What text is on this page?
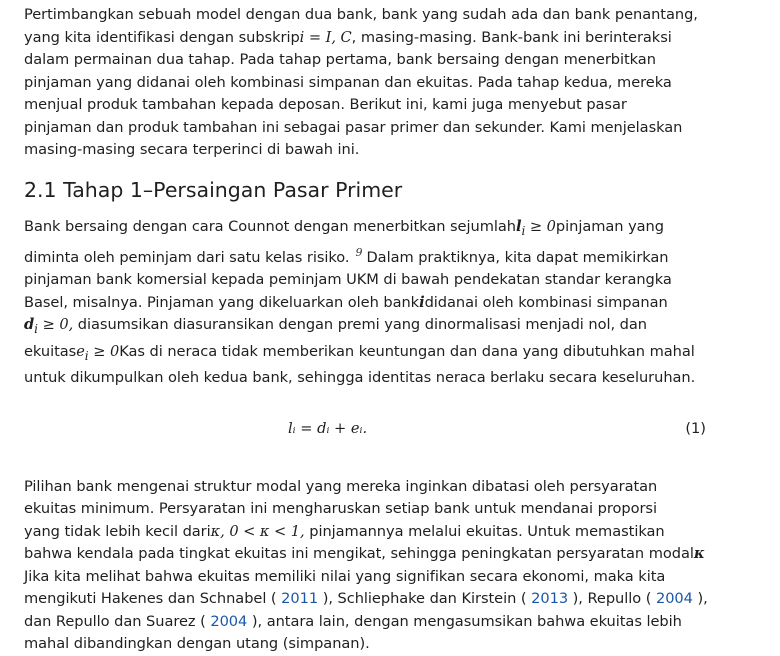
Pertimbangkan sebuah model dengan dua bank, bank yang sudah ada dan bank penantang,
yang kita identifikasi dengan subskripi = I, C, masing-masing. Bank-bank ini berinteraksi
dalam permainan dua tahap. Pada tahap pertama, bank bersaing dengan menerbitkan
pinjaman yang didanai oleh kombinasi simpanan dan ekuitas. Pada tahap kedua, mereka
menjual produk tambahan kepada deposan. Berikut ini, kami juga menyebut pasar
pinjaman dan produk tambahan ini sebagai pasar primer dan sekunder. Kami menjelaskan
masing-masing secara terperinci di bawah ini.

2.1 Tahap 1–Persaingan Pasar Primer

Bank bersaing dengan cara Counnot dengan menerbitkan sejumlahl$_i$ ≥ 0pinjaman yang
diminta oleh peminjam dari satu kelas risiko. $^9$ Dalam praktiknya, kita dapat memikirkan
pinjaman bank komersial kepada peminjam UKM di bawah pendekatan standar kerangka
Basel, misalnya. Pinjaman yang dikeluarkan oleh bankididanai oleh kombinasi simpanan
$d_i \ge 0$, diasumsikan diasuransikan dengan premi yang dinormalisasi menjadi nol, dan
ekuitase$_i$ ≥ 0Kas di neraca tidak memberikan keuntungan dan dana yang dibutuhkan mahal
untuk dikumpulkan oleh kedua bank, sehingga identitas neraca berlaku secara keseluruhan.

lᵢ = dᵢ + eᵢ.	(1)

Pilihan bank mengenai struktur modal yang mereka inginkan dibatasi oleh persyaratan
ekuitas minimum. Persyaratan ini mengharuskan setiap bank untuk mendanai proporsi
yang tidak lebih kecil dariκ, 0 < κ < 1, pinjamannya melalui ekuitas. Untuk memastikan
bahwa kendala pada tingkat ekuitas ini mengikat, sehingga peningkatan persyaratan modalκ
Jika kita melihat bahwa ekuitas memiliki nilai yang signifikan secara ekonomi, maka kita
mengikuti Hakenes dan Schnabel ( 2011 ), Schliephake dan Kirstein ( 2013 ), Repullo ( 2004 ),
dan Repullo dan Suarez ( 2004 ), antara lain, dengan mengasumsikan bahwa ekuitas lebih
mahal dibandingkan dengan utang (simpanan).
